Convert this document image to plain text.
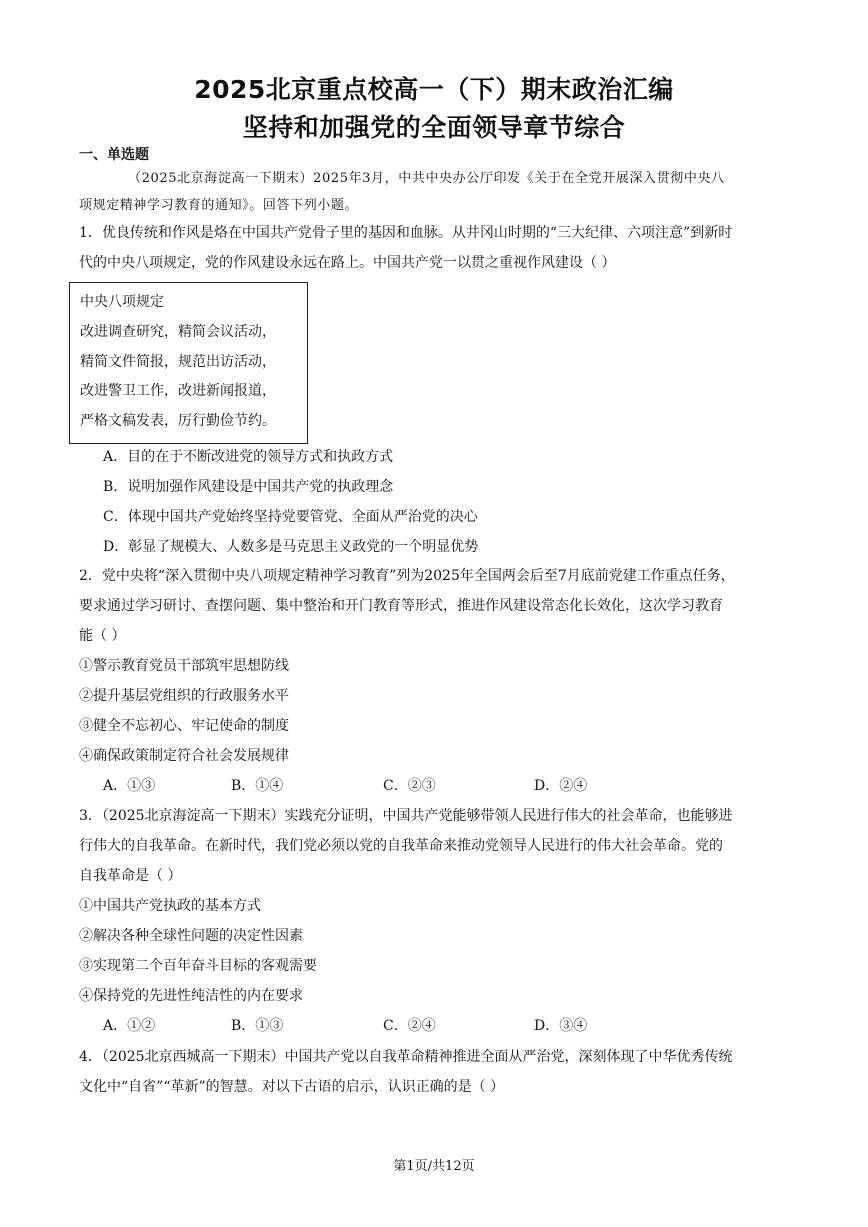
2025北京重点校高一（下）期末政治汇编
坚持和加强党的全面领导章节综合
一、单选题
（2025北京海淀高一下期末）2025年3月，中共中央办公厅印发《关于在全党开展深入贯彻中央八
项规定精神学习教育的通知》。回答下列小题。
1．优良传统和作风是烙在中国共产党骨子里的基因和血脉。从井冈山时期的“三大纪律、六项注意”到新时
代的中央八项规定，党的作风建设永远在路上。中国共产党一以贯之重视作风建设（ ）
中央八项规定
改进调查研究，精简会议活动，
精简文件简报，规范出访活动，
改进警卫工作，改进新闻报道，
严格文稿发表，厉行勤俭节约。
A．目的在于不断改进党的领导方式和执政方式
B．说明加强作风建设是中国共产党的执政理念
C．体现中国共产党始终坚持党要管党、全面从严治党的决心
D．彰显了规模大、人数多是马克思主义政党的一个明显优势
2．党中央将“深入贯彻中央八项规定精神学习教育”列为2025年全国两会后至7月底前党建工作重点任务，
要求通过学习研讨、查摆问题、集中整治和开门教育等形式，推进作风建设常态化长效化，这次学习教育
能（ ）
①警示教育党员干部筑牢思想防线
②提升基层党组织的行政服务水平
③健全不忘初心、牢记使命的制度
④确保政策制定符合社会发展规律
A．①③	B．①④	C．②③	D．②④
3．（2025北京海淀高一下期末）实践充分证明，中国共产党能够带领人民进行伟大的社会革命，也能够进
行伟大的自我革命。在新时代，我们党必须以党的自我革命来推动党领导人民进行的伟大社会革命。党的
自我革命是（ ）
①中国共产党执政的基本方式
②解决各种全球性问题的决定性因素
③实现第二个百年奋斗目标的客观需要
④保持党的先进性纯洁性的内在要求
A．①②	B．①③	C．②④	D．③④
4．（2025北京西城高一下期末）中国共产党以自我革命精神推进全面从严治党，深刻体现了中华优秀传统
文化中“自省”“革新”的智慧。对以下古语的启示，认识正确的是（ ）
第1页/共12页
